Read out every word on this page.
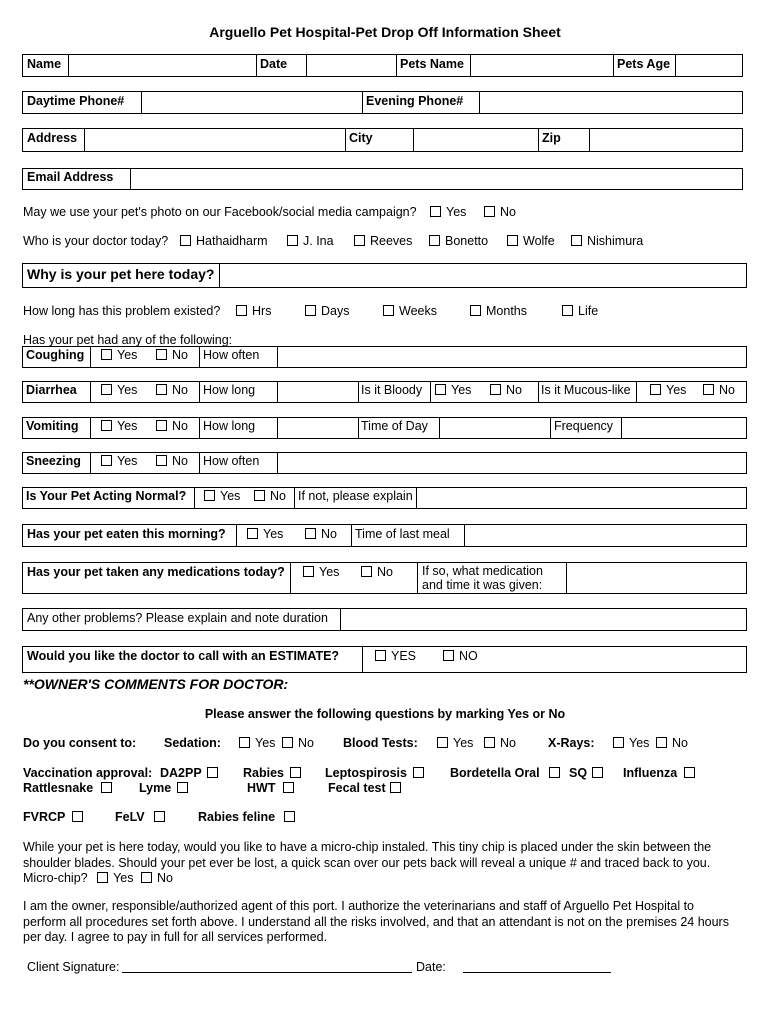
Arguello Pet Hospital-Pet Drop Off Information Sheet
Name	Date	Pets Name	Pets Age
Daytime Phone#	Evening Phone#
Address	City	Zip
Email Address
May we use your pet's photo on our Facebook/social media campaign?	Yes	No
Who is your doctor today?	Hathaidharm	J. Ina	Reeves	Bonetto	Wolfe	Nishimura
Why is your pet here today?
How long has this problem existed?	Hrs	Days	Weeks	Months	Life
Has your pet had any of the following:
Coughing	Yes	No How often
Diarrhea	Yes	No How long	Is it Bloody	Yes	No Is it Mucous-like	Yes	No
Vomiting	Yes	No How long	Time of Day	Frequency
Sneezing	Yes	No How often
Is Your Pet Acting Normal?	Yes	No If not, please explain
Has your pet eaten this morning?	Yes	No Time of last meal
Has your pet taken any medications today?	Yes	No If so, what medication
and time it was given:
Any other problems? Please explain and note duration
Would you like the doctor to call with an ESTIMATE?	YES	NO
**OWNER'S COMMENTS FOR DOCTOR:
Please answer the following questions by marking Yes or No
Do you consent to: Sedation:	Yes	No Blood Tests:	Yes	No	X-Rays:	Yes	No
Vaccination approval: DA2PP	Rabies	Leptospirosis	Bordetella Oral SQ	Influenza
Rattlesnake	Lyme	HWT	Fecal test
FVRCP	FeLV	Rabies feline
While your pet is here today, would you like to have a micro-chip instaled. This tiny chip is placed under the skin between the
shoulder blades. Should your pet ever be lost, a quick scan over our pets back will reveal a unique # and traced back to you.
Micro-chip? Yes No
I am the owner, responsible/authorized agent of this port. I authorize the veterinarians and staff of Arguello Pet Hospital to
perform all procedures set forth above. I understand all the risks involved, and that an attendant is not on the premises 24 hours
per day. I agree to pay in full for all services performed.
Client Signature:	Date:
